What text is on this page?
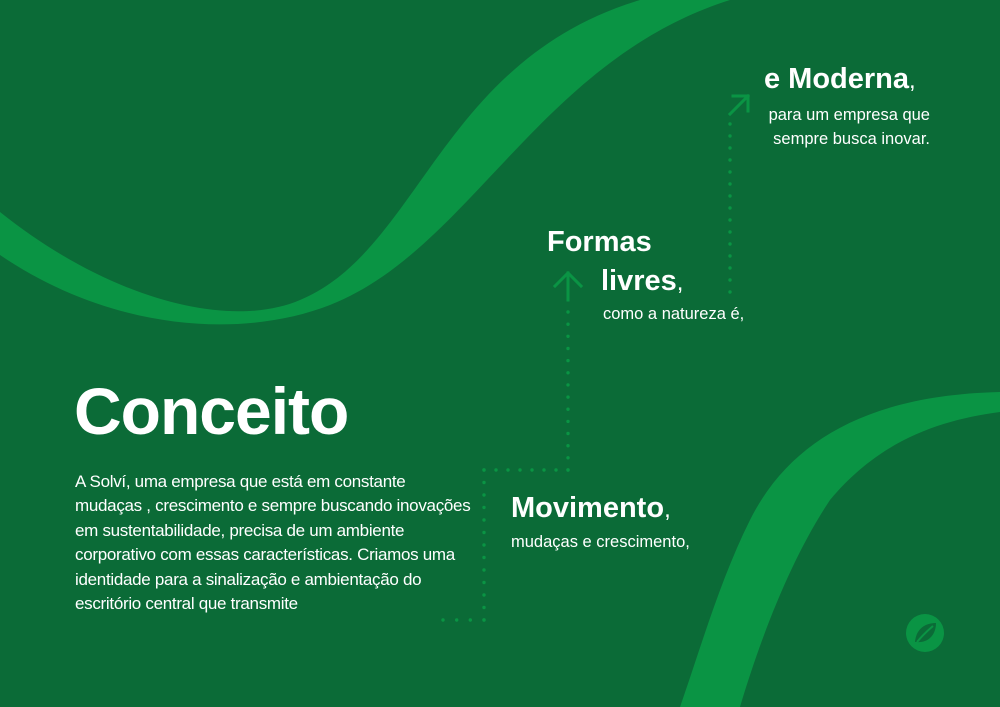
Conceito

A Solví, uma empresa que está em constante mudaças , crescimento e sempre buscando inovações em sustentabilidade, precisa de um ambiente corporativo com essas características. Criamos uma identidade para a sinalização e ambientação do escritório central que transmite

e Moderna,

para um empresa que
sempre busca inovar.

Formas

livres,

como a natureza é,

Movimento,

mudaças e crescimento,
